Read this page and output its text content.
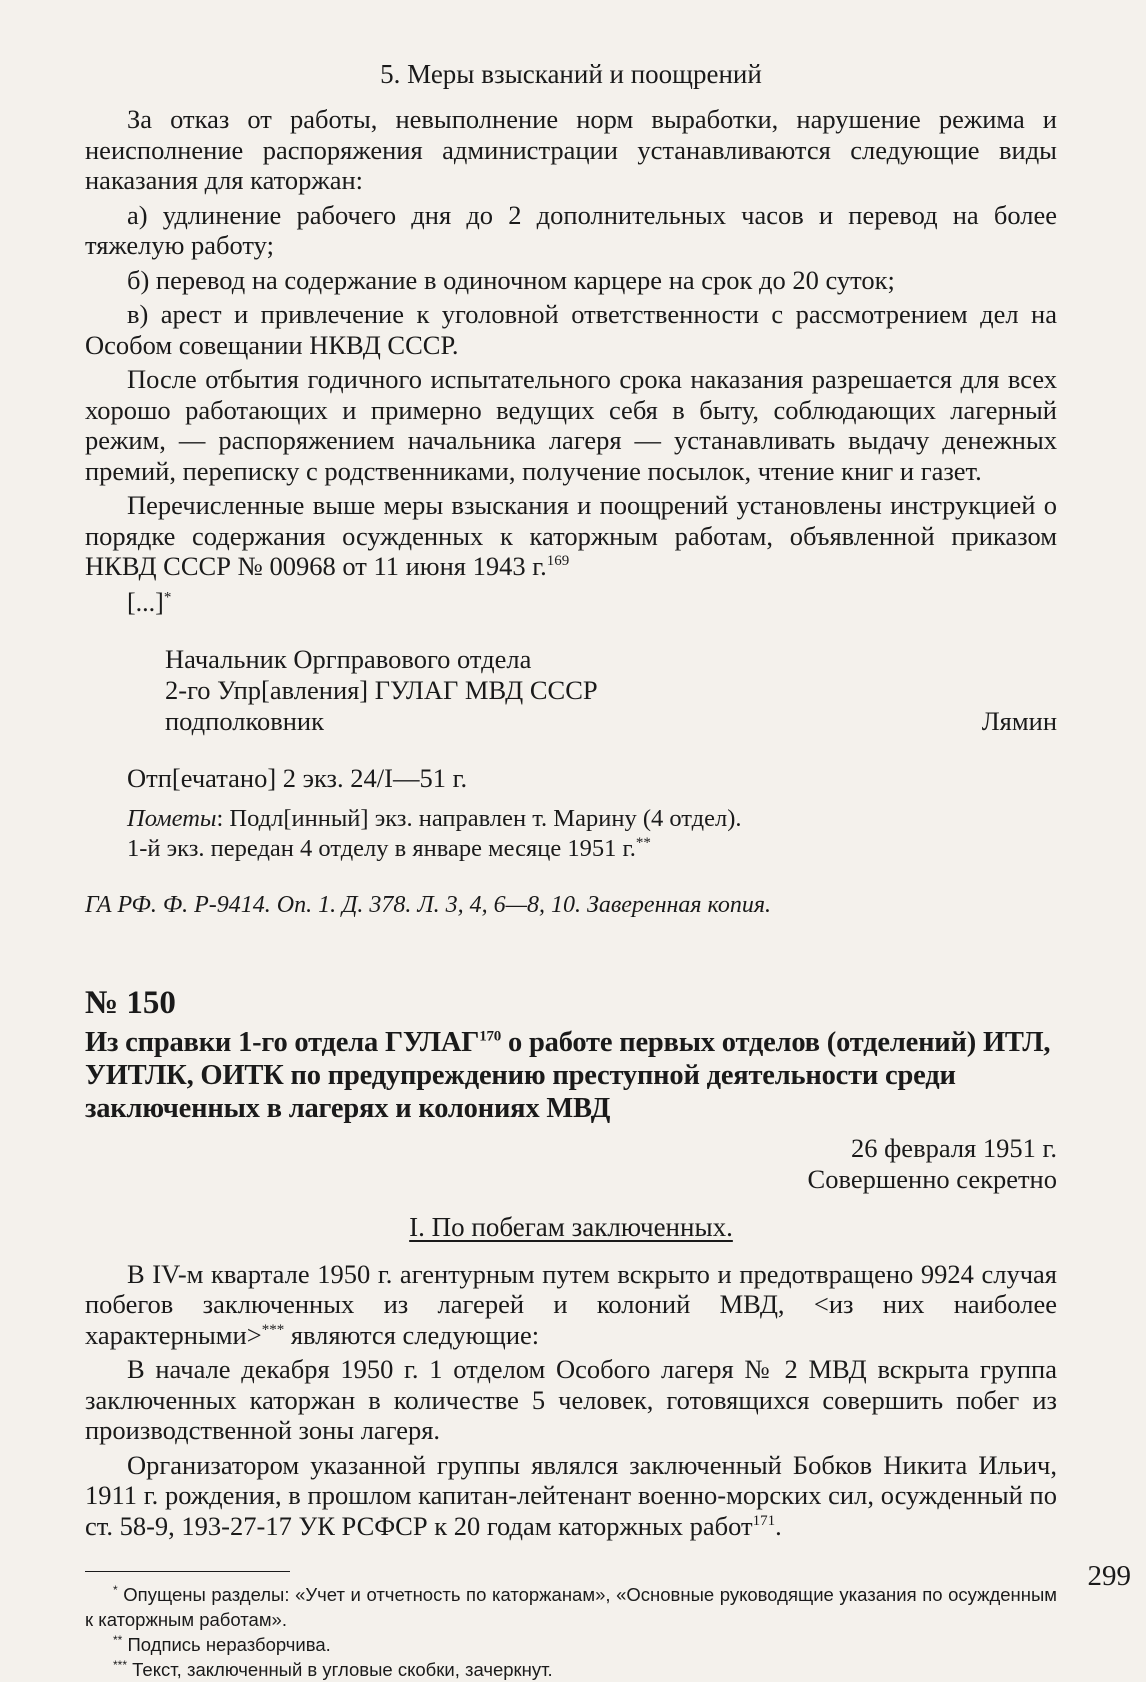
5. Меры взысканий и поощрений

За отказ от работы, невыполнение норм выработки, нарушение режима и неисполнение распоряжения администрации устанавливаются следующие виды наказания для каторжан:

а) удлинение рабочего дня до 2 дополнительных часов и перевод на более тяжелую работу;

б) перевод на содержание в одиночном карцере на срок до 20 суток;

в) арест и привлечение к уголовной ответственности с рассмотрением дел на Особом совещании НКВД СССР.

После отбытия годичного испытательного срока наказания разрешается для всех хорошо работающих и примерно ведущих себя в быту, соблюдающих лагерный режим, — распоряжением начальника лагеря — устанавливать выдачу денежных премий, переписку с родственниками, получение посылок, чтение книг и газет.

Перечисленные выше меры взыскания и поощрений установлены инструкцией о порядке содержания осужденных к каторжным работам, объявленной приказом НКВД СССР № 00968 от 11 июня 1943 г.$^{169}$

[...]*
Начальник Оргправового отдела
2-го Упр[авления] ГУЛАГ МВД СССР
подполковник	Лямин
Отп[ечатано] 2 экз. 24/I—51 г.
Пометы: Подл[инный] экз. направлен т. Марину (4 отдел).
1-й экз. передан 4 отделу в январе месяце 1951 г.**
ГА РФ. Ф. Р-9414. Оп. 1. Д. 378. Л. 3, 4, 6—8, 10. Заверенная копия.
№ 150
Из справки 1-го отдела ГУЛАГ$^{170}$ о работе первых отделов (отделений) ИТЛ, УИТЛК, ОИТК по предупреждению преступной деятельности среди заключенных в лагерях и колониях МВД
26 февраля 1951 г.
Совершенно секретно
I. По побегам заключенных.

В IV-м квартале 1950 г. агентурным путем вскрыто и предотвращено 9924 случая побегов заключенных из лагерей и колоний МВД, <из них наиболее характерными>*** являются следующие:

В начале декабря 1950 г. 1 отделом Особого лагеря № 2 МВД вскрыта группа заключенных каторжан в количестве 5 человек, готовящихся совершить побег из производственной зоны лагеря.

Организатором указанной группы являлся заключенный Бобков Никита Ильич, 1911 г. рождения, в прошлом капитан-лейтенант военно-морских сил, осужденный по ст. 58-9, 193-27-17 УК РСФСР к 20 годам каторжных работ$^{171}$.

* Опущены разделы: «Учет и отчетность по каторжанам», «Основные руководящие указания по осужденным к каторжным работам».
** Подпись неразборчива.
*** Текст, заключенный в угловые скобки, зачеркнут.
299
